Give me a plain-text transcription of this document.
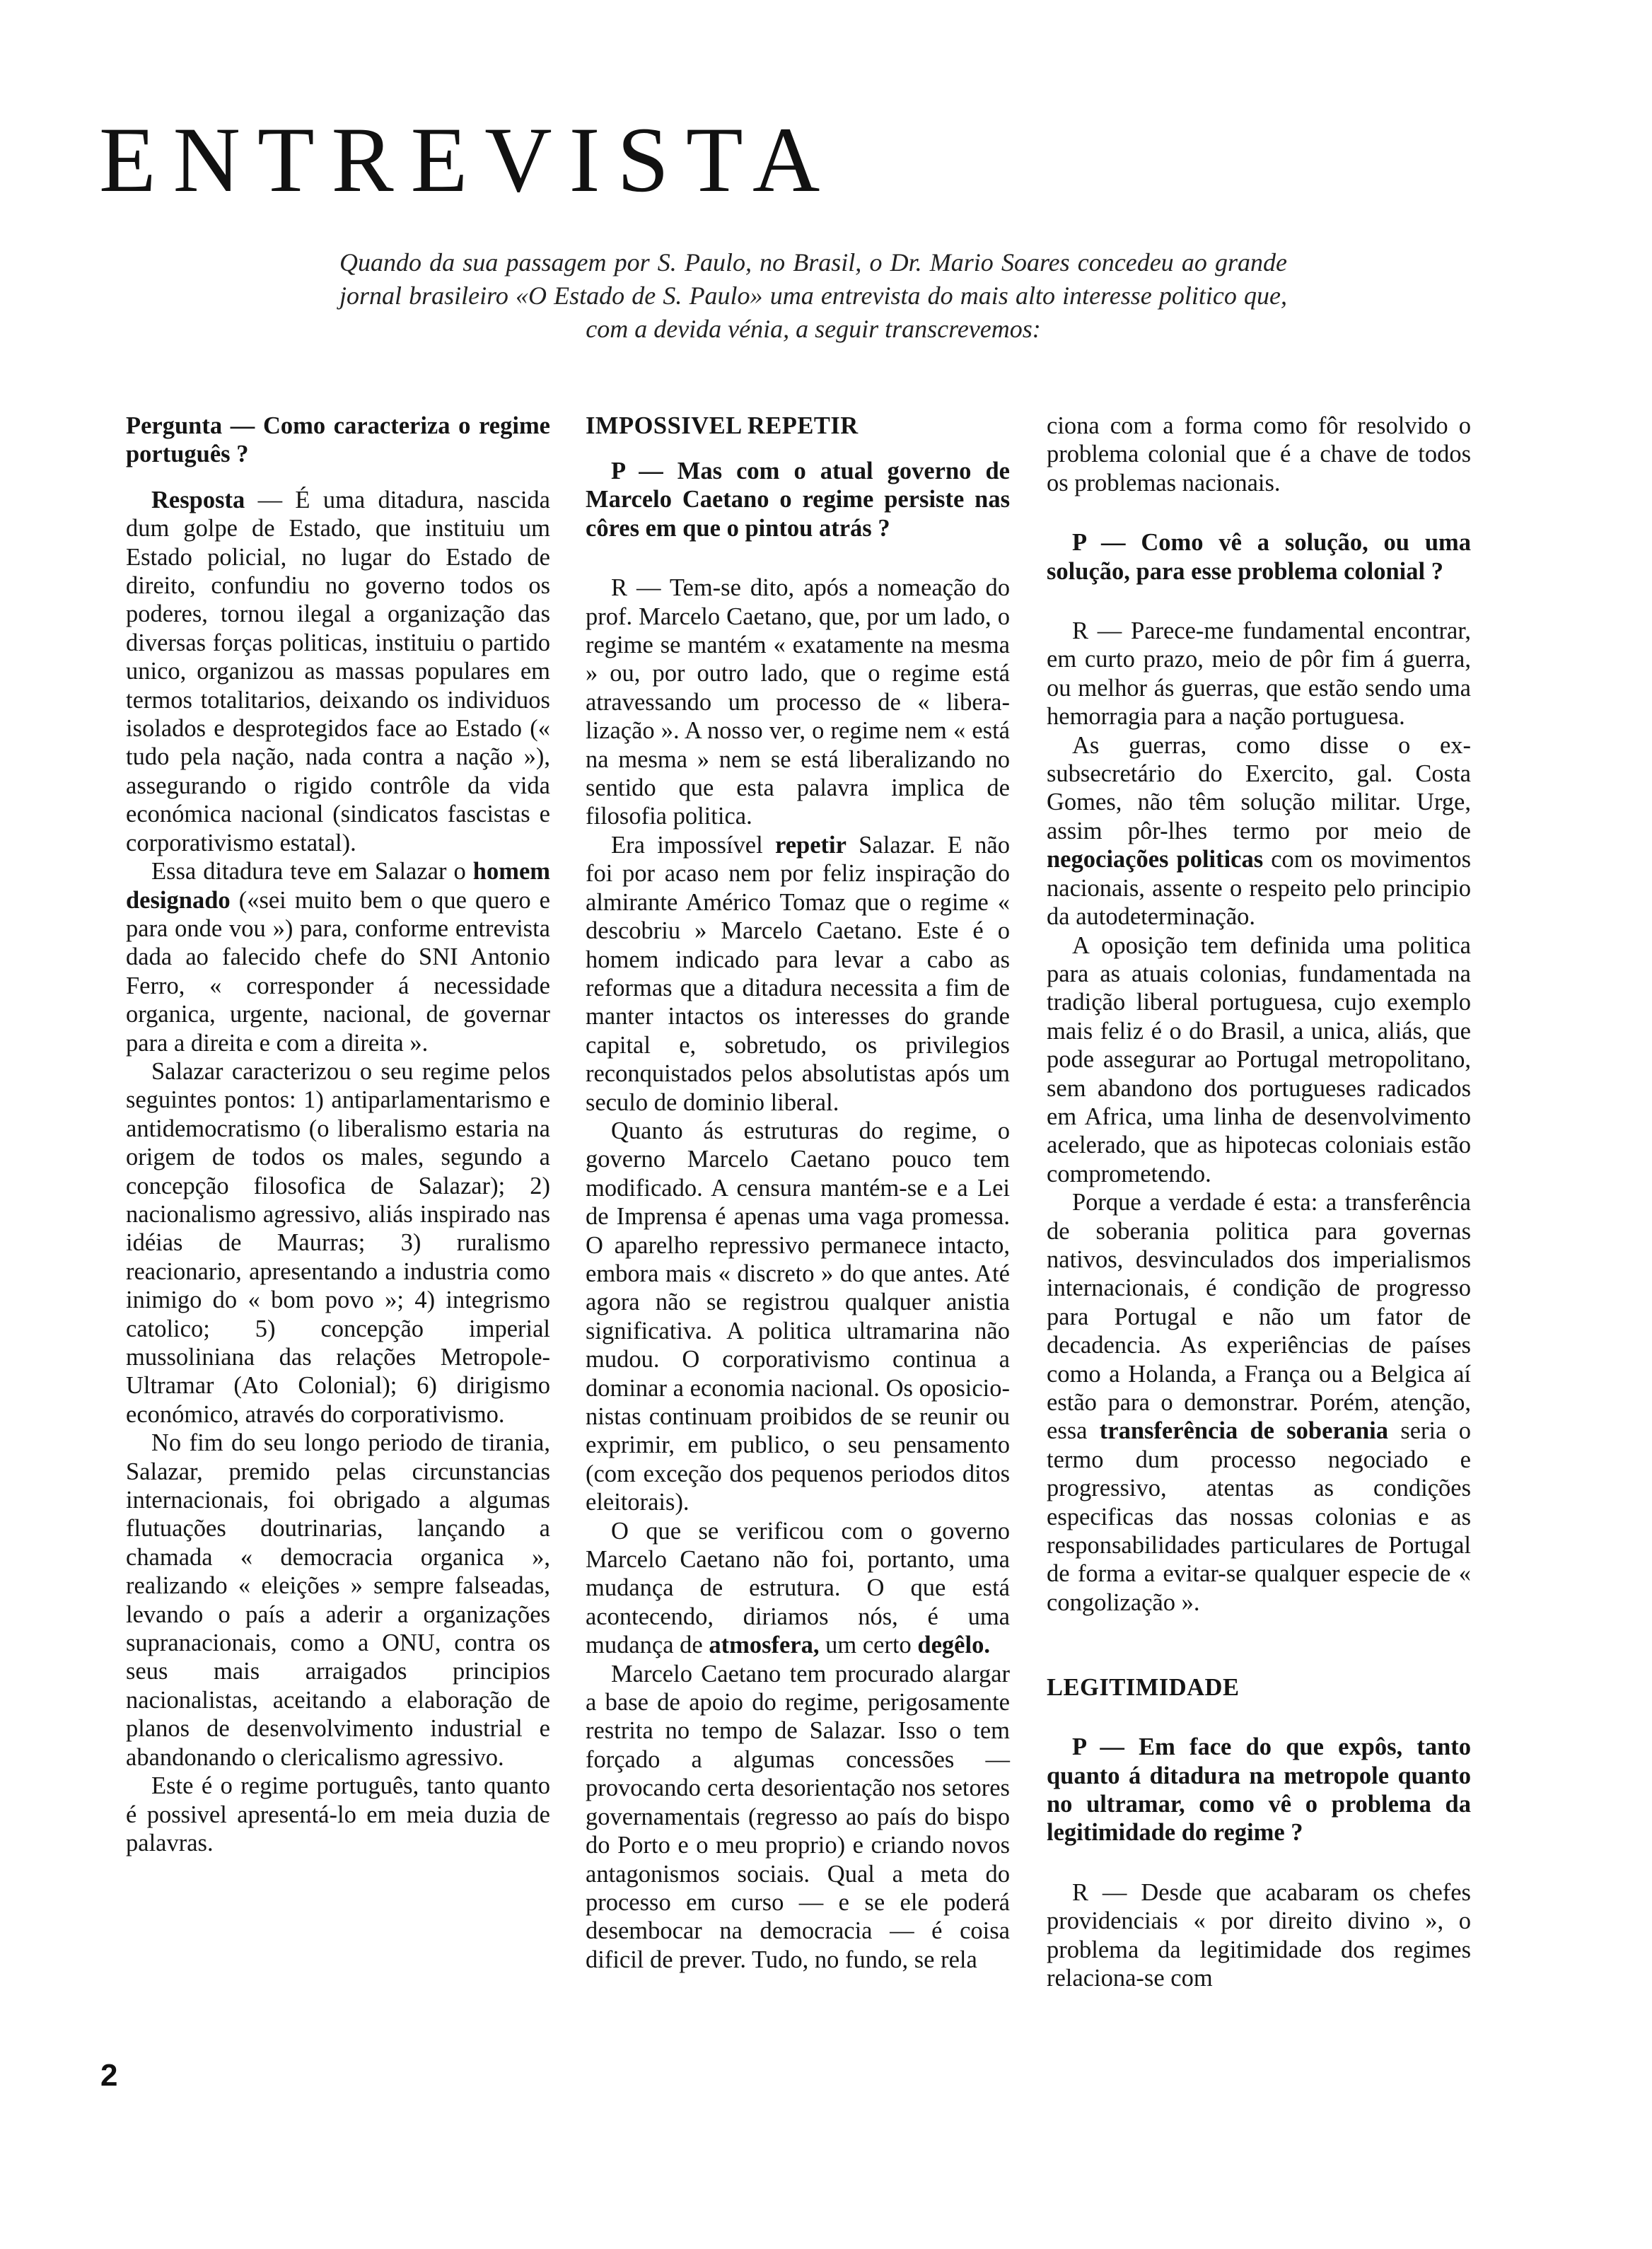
ENTREVISTA

Quando da sua passagem por S. Paulo, no Brasil, o Dr. Mario Soares concedeu ao grande jornal brasileiro «O Estado de S. Paulo» uma entrevista do mais alto interesse politico que, com a devida vénia, a seguir transcrevemos:

Pergunta — Como caracteriza o regime português ?

Resposta — É uma ditadura, nascida dum golpe de Estado, que instituiu um Estado policial, no lugar do Estado de direito, confundiu no governo todos os poderes, tornou ilegal a organização das diversas forças politicas, instituiu o partido unico, organizou as massas populares em termos totalitarios, deixando os individuos isolados e desprotegidos face ao Estado (« tudo pela nação, nada contra a nação »), assegurando o rigido contrôle da vida económica nacional (sindicatos fascistas e corporativismo estatal).

Essa ditadura teve em Salazar o homem designado («sei muito bem o que quero e para onde vou ») para, conforme entrevista dada ao falecido chefe do SNI Antonio Ferro, « corresponder á necessidade organica, urgente, nacional, de governar para a direita e com a direita ».

Salazar caracterizou o seu regime pelos seguintes pontos: 1) antiparlamentarismo e antidemocratismo (o liberalismo estaria na origem de todos os males, segundo a concepção filosofica de Salazar); 2) nacionalismo agressivo, aliás inspirado nas idéias de Maurras; 3) ruralismo reacionario, apresentando a industria como inimigo do « bom povo »; 4) integrismo catolico; 5) concepção imperial mussoliniana das relações Metropole-Ultramar (Ato Colonial); 6) dirigismo económico, através do corporativismo.

No fim do seu longo periodo de tirania, Salazar, premido pelas circunstancias internacionais, foi obrigado a algumas flutuações doutrinarias, lançando a chamada « democracia organica », realizando « eleições » sempre falseadas, levando o país a aderir a organizações supranacionais, como a ONU, contra os seus mais arraigados principios nacionalistas, aceitando a elaboração de planos de desenvolvimento industrial e abandonando o clericalismo agressivo.

Este é o regime português, tanto quanto é possivel apresentá-lo em meia duzia de palavras.

IMPOSSIVEL REPETIR

P — Mas com o atual governo de Marcelo Caetano o regime persiste nas côres em que o pintou atrás ?

R — Tem-se dito, após a nomeação do prof. Marcelo Caetano, que, por um lado, o regime se mantém « exatamente na mesma » ou, por outro lado, que o regime está atravessando um processo de « liberalização ». A nosso ver, o regime nem « está na mesma » nem se está liberalizando no sentido que esta palavra implica de filosofia politica.

Era impossível repetir Salazar. E não foi por acaso nem por feliz inspiração do almirante Américo Tomaz que o regime « descobriu » Marcelo Caetano. Este é o homem indicado para levar a cabo as reformas que a ditadura necessita a fim de manter intactos os interesses do grande capital e, sobretudo, os privilegios reconquistados pelos absolutistas após um seculo de dominio liberal.

Quanto ás estruturas do regime, o governo Marcelo Caetano pouco tem modificado. A censura mantém-se e a Lei de Imprensa é apenas uma vaga promessa. O aparelho repressivo permanece intacto, embora mais « discreto » do que antes. Até agora não se registrou qualquer anistia significativa. A politica ultramarina não mudou. O corporativismo continua a dominar a economia nacional. Os oposicionistas continuam proibidos de se reunir ou exprimir, em publico, o seu pensamento (com exceção dos pequenos periodos ditos eleitorais).

O que se verificou com o governo Marcelo Caetano não foi, portanto, uma mudança de estrutura. O que está acontecendo, diriamos nós, é uma mudança de atmosfera, um certo degêlo.

Marcelo Caetano tem procurado alargar a base de apoio do regime, perigosamente restrita no tempo de Salazar. Isso o tem forçado a algumas concessões — provocando certa desorientação nos setores governamentais (regresso ao país do bispo do Porto e o meu proprio) e criando novos antagonismos sociais. Qual a meta do processo em curso — e se ele poderá desembocar na democracia — é coisa dificil de prever. Tudo, no fundo, se rela

ciona com a forma como fôr resolvido o problema colonial que é a chave de todos os problemas nacionais.

P — Como vê a solução, ou uma solução, para esse problema colonial ?

R — Parece-me fundamental encontrar, em curto prazo, meio de pôr fim á guerra, ou melhor ás guerras, que estão sendo uma hemorragia para a nação portuguesa.

As guerras, como disse o ex-subsecretário do Exercito, gal. Costa Gomes, não têm solução militar. Urge, assim pôr-lhes termo por meio de negociações politicas com os movimentos nacionais, assente o respeito pelo principio da autodeterminação.

A oposição tem definida uma politica para as atuais colonias, fundamentada na tradição liberal portuguesa, cujo exemplo mais feliz é o do Brasil, a unica, aliás, que pode assegurar ao Portugal metropolitano, sem abandono dos portugueses radicados em Africa, uma linha de desenvolvimento acelerado, que as hipotecas coloniais estão comprometendo.

Porque a verdade é esta: a transferência de soberania politica para governas nativos, desvinculados dos imperialismos internacionais, é condição de progresso para Portugal e não um fator de decadencia. As experiências de países como a Holanda, a França ou a Belgica aí estão para o demonstrar. Porém, atenção, essa transferência de soberania seria o termo dum processo negociado e progressivo, atentas as condições especificas das nossas colonias e as responsabilidades particulares de Portugal de forma a evitar-se qualquer especie de « congolização ».

LEGITIMIDADE

P — Em face do que expôs, tanto quanto á ditadura na metropole quanto no ultramar, como vê o problema da legitimidade do regime ?

R — Desde que acabaram os chefes providenciais « por direito divino », o problema da legitimidade dos regimes relaciona-se com

2
